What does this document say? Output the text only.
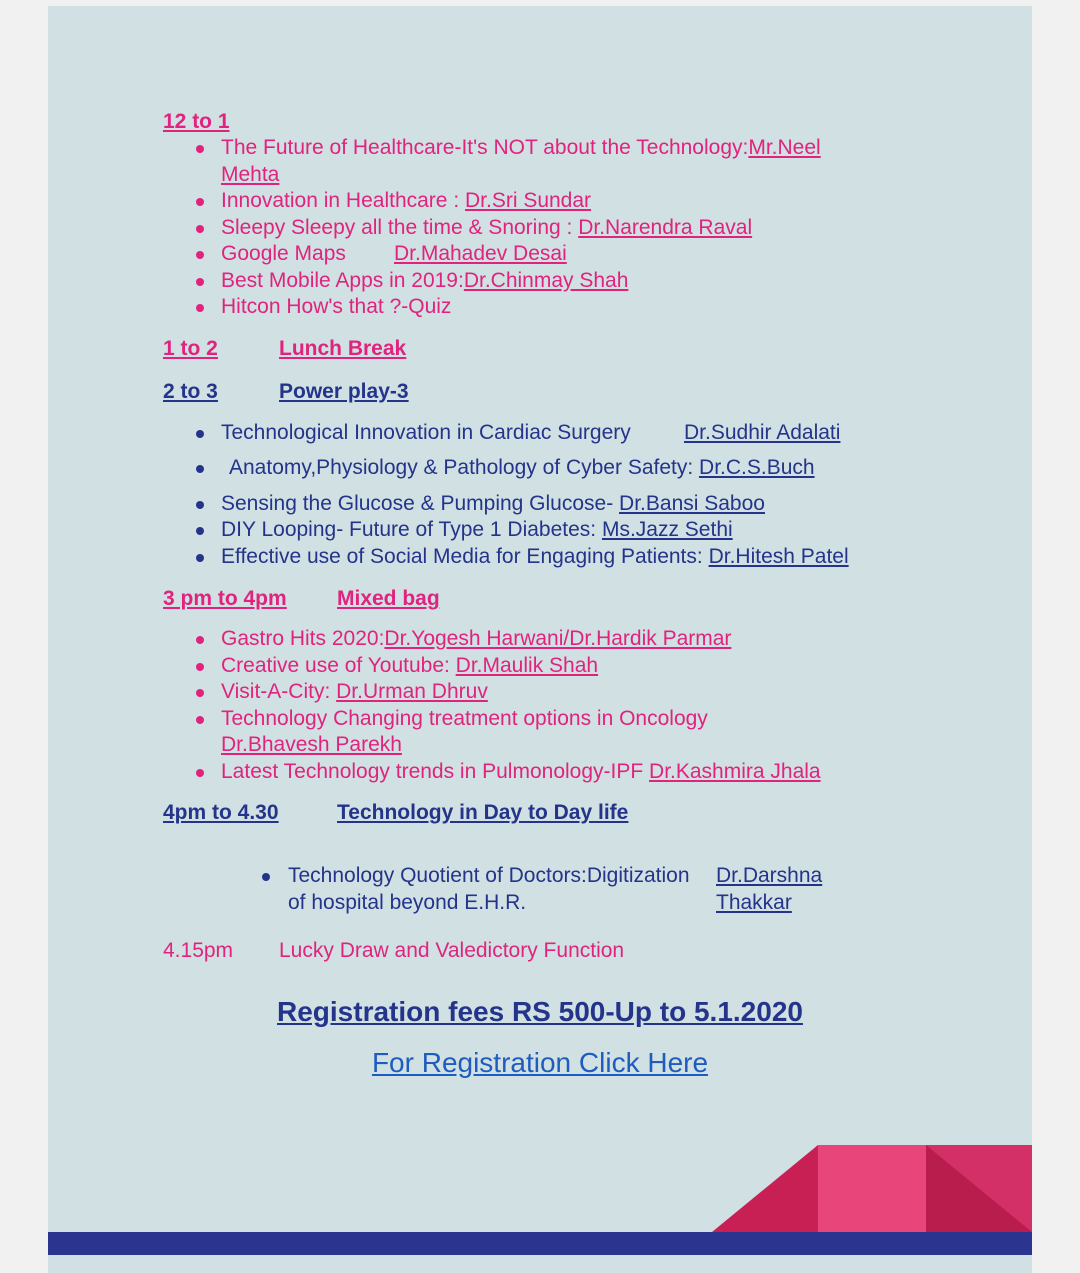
12 to 1
The Future of Healthcare-It's NOT about the Technology:Mr.Neel
Mehta
Innovation in Healthcare : Dr.Sri Sundar
Sleepy Sleepy all the time & Snoring : Dr.Narendra Raval
Google Maps Dr.Mahadev Desai
Best Mobile Apps in 2019:Dr.Chinmay Shah
Hitcon How's that ?-Quiz
1 to 2	Lunch Break
2 to 3	Power play-3
Technological Innovation in Cardiac Surgery	Dr.Sudhir Adalati
Anatomy,Physiology & Pathology of Cyber Safety: Dr.C.S.Buch
Sensing the Glucose & Pumping Glucose- Dr.Bansi Saboo
DIY Looping- Future of Type 1 Diabetes: Ms.Jazz Sethi
Effective use of Social Media for Engaging Patients: Dr.Hitesh Patel
3 pm to 4pm	Mixed bag
Gastro Hits 2020:Dr.Yogesh Harwani/Dr.Hardik Parmar
Creative use of Youtube: Dr.Maulik Shah
Visit-A-City: Dr.Urman Dhruv
Technology Changing treatment options in Oncology
Dr.Bhavesh Parekh
Latest Technology trends in Pulmonology-IPF Dr.Kashmira Jhala
4pm to 4.30	Technology in Day to Day life
Technology Quotient of Doctors:Digitization
of hospital beyond E.H.R.
Dr.Darshna
Thakkar
4.15pm	Lucky Draw and Valedictory Function
Registration fees RS 500-Up to 5.1.2020
For Registration Click Here
